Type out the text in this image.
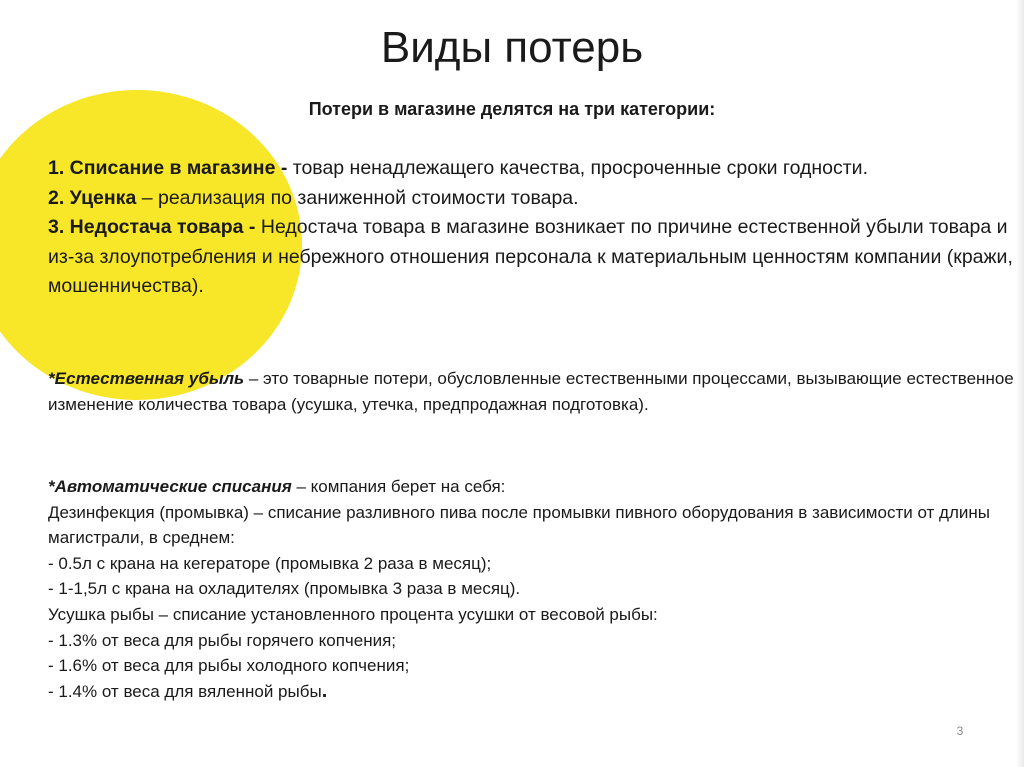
Виды потерь
Потери в магазине делятся на три категории:

1. Списание в магазине - товар ненадлежащего качества, просроченные сроки годности.

2. Уценка – реализация по заниженной стоимости товара.

3. Недостача товара - Недостача товара в магазине возникает по причине естественной убыли товара и из-за злоупотребления и небрежного отношения персонала к материальным ценностям компании (кражи, мошенничества).

*Естественная убыль – это товарные потери, обусловленные естественными процессами, вызывающие естественное изменение количества товара (усушка, утечка, предпродажная подготовка).

*Автоматические списания – компания берет на себя:

Дезинфекция (промывка) – списание разливного пива после промывки пивного оборудования в зависимости от длины магистрали, в среднем:

- 0.5л с крана на кегераторе (промывка 2 раза в месяц);

- 1-1,5л с крана на охладителях (промывка 3 раза в месяц).

Усушка рыбы – списание установленного процента усушки от весовой рыбы:

- 1.3% от веса для рыбы горячего копчения;

- 1.6% от веса для рыбы холодного копчения;

- 1.4% от веса для вяленной рыбы.

3
